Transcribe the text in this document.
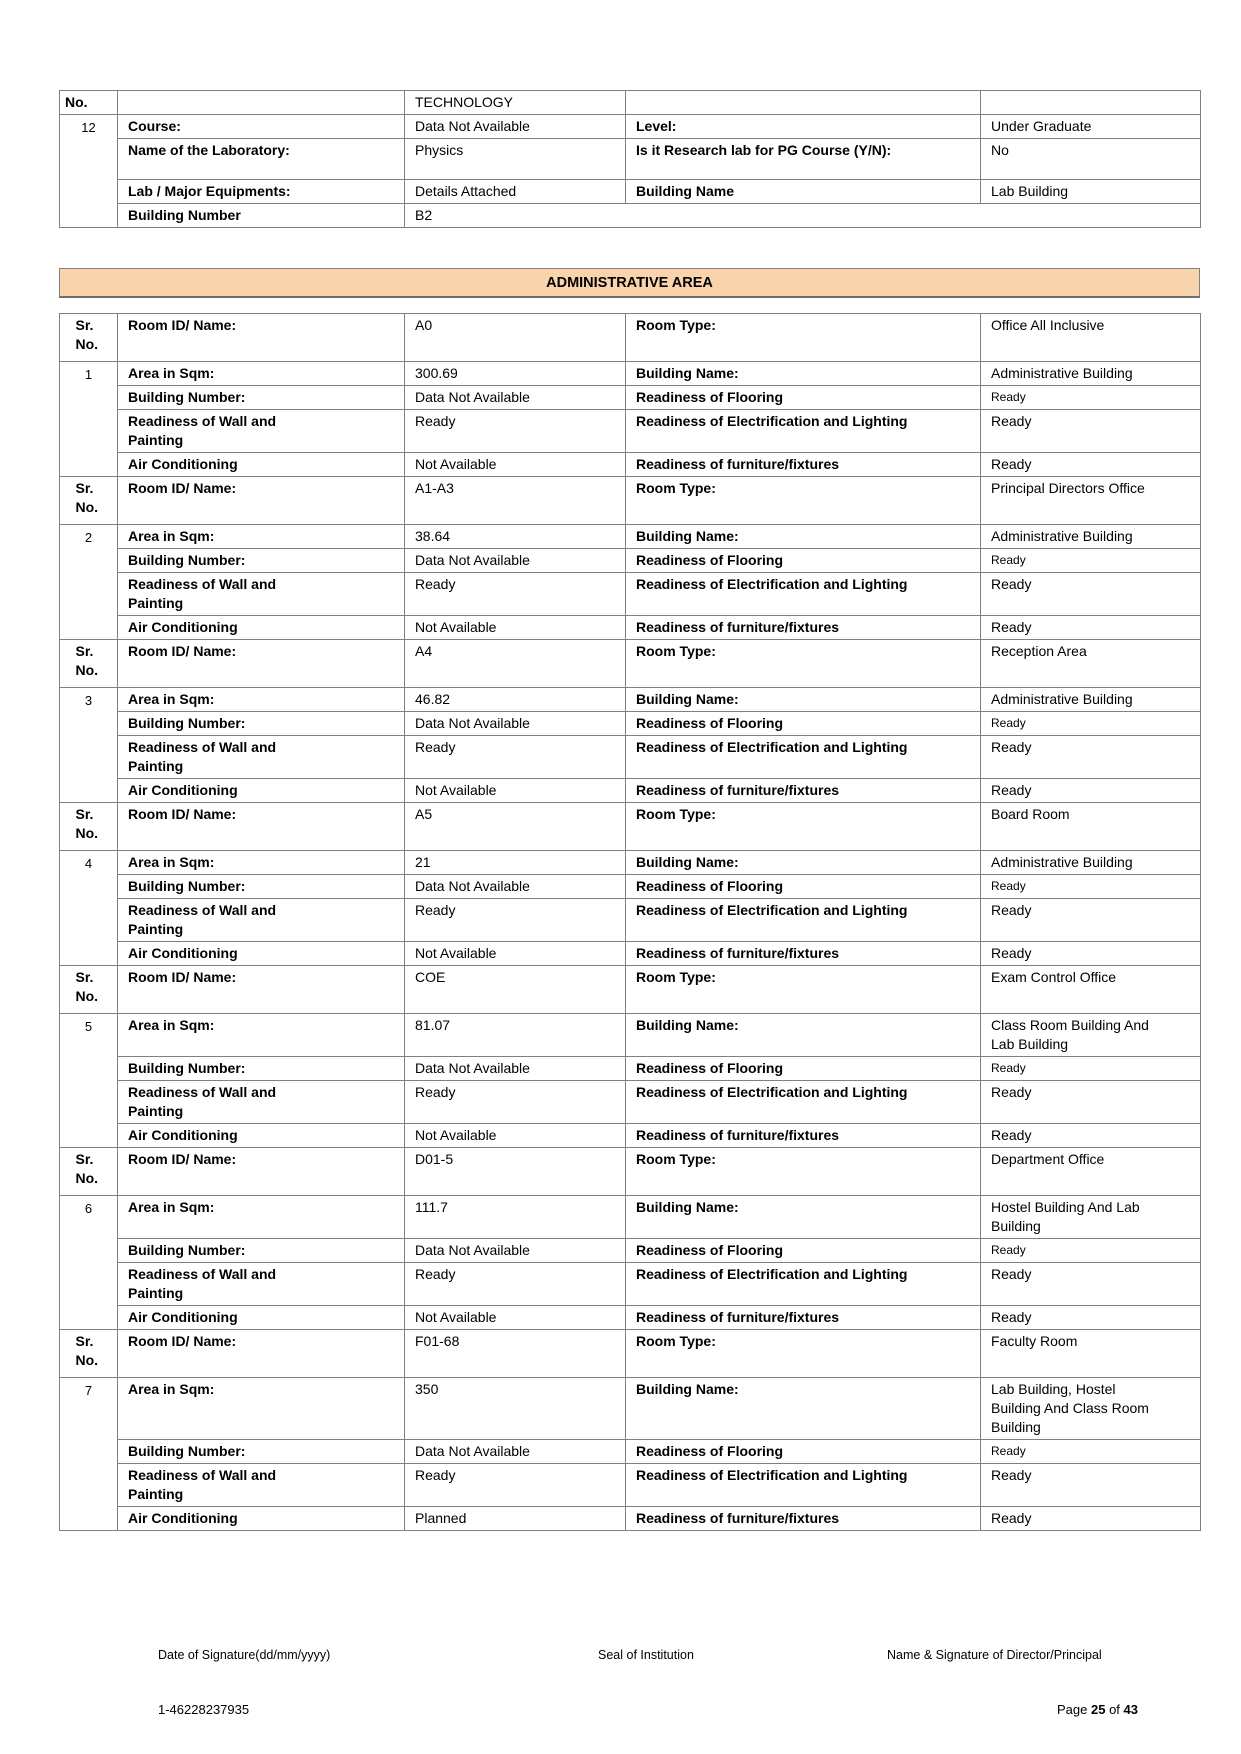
No.		TECHNOLOGY		
12	Course:	Data Not Available	Level:	Under Graduate
	Name of the Laboratory:	Physics	Is it Research lab for PG Course (Y/N):	No
	Lab / Major Equipments:	Details Attached	Building Name	Lab Building
	Building Number	B2		
ADMINISTRATIVE AREA
Sr. No.	Room ID/ Name:	A0	Room Type:	Office All Inclusive

1	Area in Sqm:	300.69	Building Name:	Administrative Building

	Building Number:	Data Not Available	Readiness of Flooring	Ready

	Readiness of Wall and Painting	Ready	Readiness of Electrification and Lighting	Ready
	Air Conditioning	Not Available	Readiness of furniture/fixtures	Ready

Sr. No.	Room ID/ Name:	A1-A3	Room Type:	Principal Directors Office

2	Area in Sqm:	38.64	Building Name:	Administrative Building

	Building Number:	Data Not Available	Readiness of Flooring	Ready

	Readiness of Wall and Painting	Ready	Readiness of Electrification and Lighting	Ready
	Air Conditioning	Not Available	Readiness of furniture/fixtures	Ready

Sr. No.	Room ID/ Name:	A4	Room Type:	Reception Area

3	Area in Sqm:	46.82	Building Name:	Administrative Building

	Building Number:	Data Not Available	Readiness of Flooring	Ready

	Readiness of Wall and Painting	Ready	Readiness of Electrification and Lighting	Ready
	Air Conditioning	Not Available	Readiness of furniture/fixtures	Ready

Sr. No.	Room ID/ Name:	A5	Room Type:	Board Room

4	Area in Sqm:	21	Building Name:	Administrative Building

	Building Number:	Data Not Available	Readiness of Flooring	Ready

	Readiness of Wall and Painting	Ready	Readiness of Electrification and Lighting	Ready
	Air Conditioning	Not Available	Readiness of furniture/fixtures	Ready

Sr. No.	Room ID/ Name:	COE	Room Type:	Exam Control Office

5	Area in Sqm:	81.07	Building Name:	Class Room Building And Lab Building

	Building Number:	Data Not Available	Readiness of Flooring	Ready

	Readiness of Wall and Painting	Ready	Readiness of Electrification and Lighting	Ready
	Air Conditioning	Not Available	Readiness of furniture/fixtures	Ready

Sr. No.	Room ID/ Name:	D01-5	Room Type:	Department Office

6	Area in Sqm:	111.7	Building Name:	Hostel Building And Lab Building

	Building Number:	Data Not Available	Readiness of Flooring	Ready

	Readiness of Wall and Painting	Ready	Readiness of Electrification and Lighting	Ready
	Air Conditioning	Not Available	Readiness of furniture/fixtures	Ready

Sr. No.	Room ID/ Name:	F01-68	Room Type:	Faculty Room

7	Area in Sqm:	350	Building Name:	Lab Building, Hostel Building And Class Room Building

	Building Number:	Data Not Available	Readiness of Flooring	Ready

	Readiness of Wall and Painting	Ready	Readiness of Electrification and Lighting	Ready
	Air Conditioning	Planned	Readiness of furniture/fixtures	Ready
Date of Signature(dd/mm/yyyy)	Seal of Institution	Name & Signature of Director/Principal
1-46228237935	Page 25 of 43
